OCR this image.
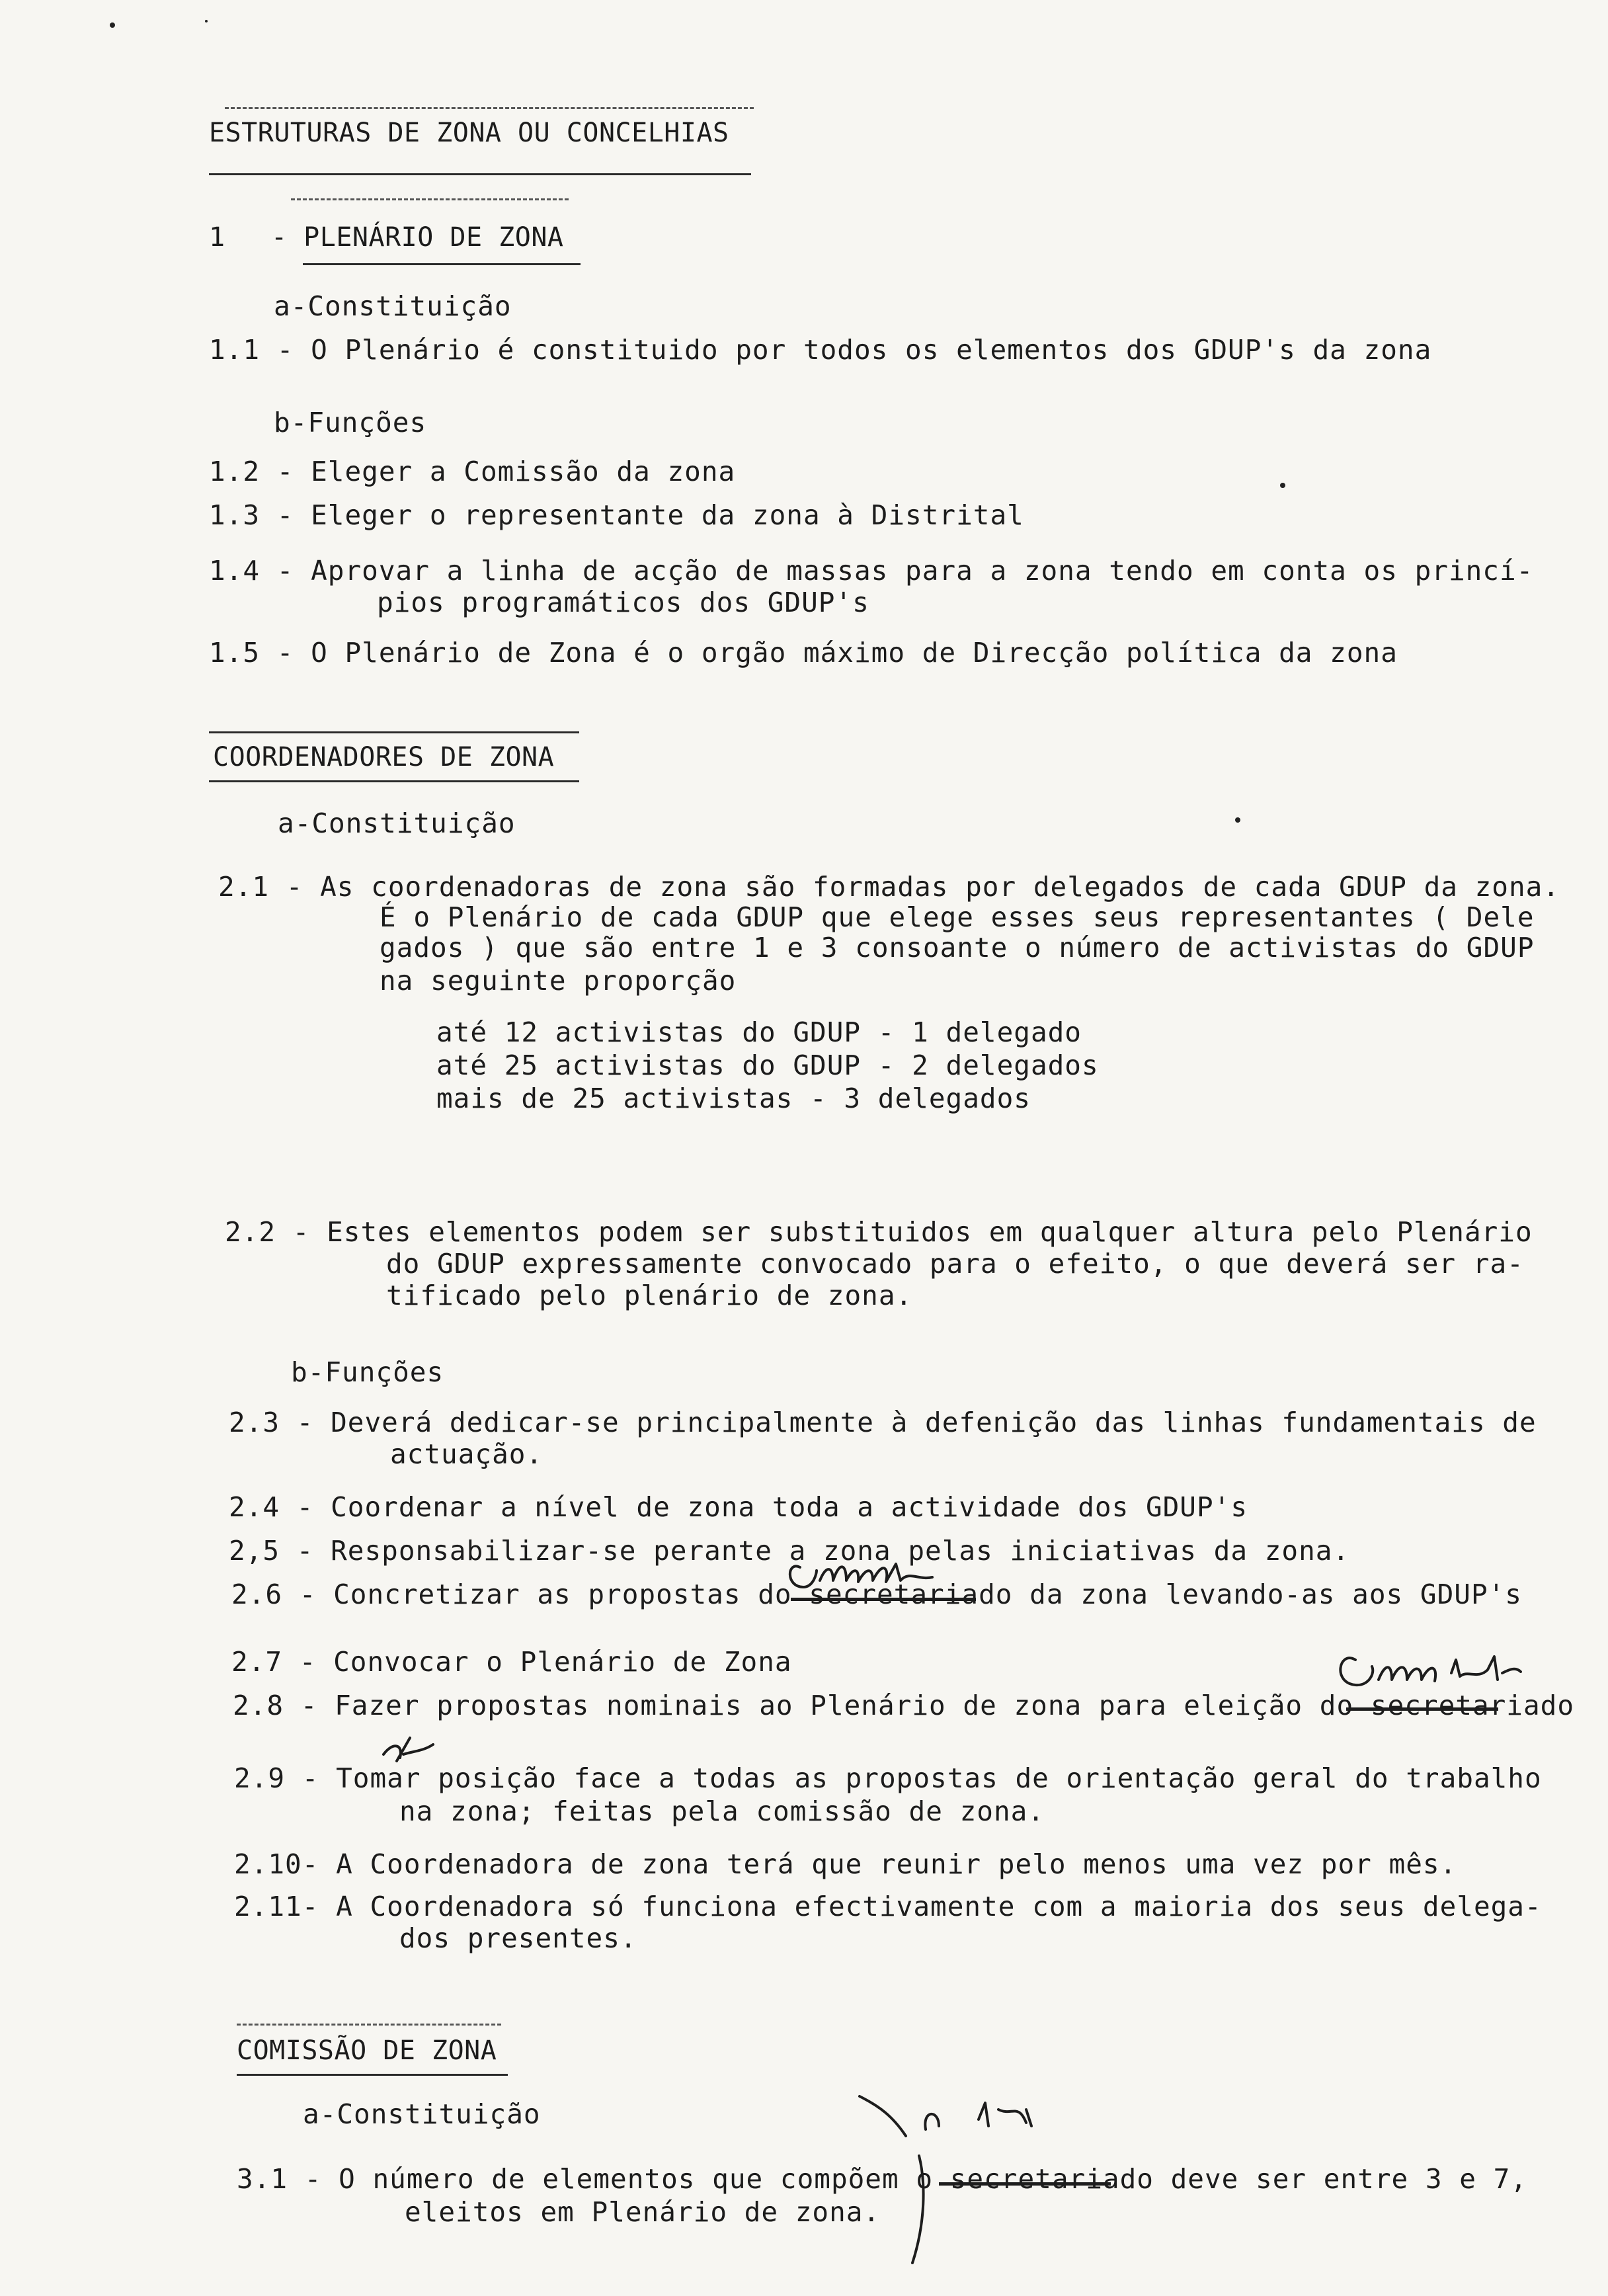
ESTRUTURAS DE ZONA OU CONCELHIAS
1 - PLENÁRIO DE ZONA
a-Constituição
1.1 - O Plenário é constituido por todos os elementos dos GDUP's da zona
b-Funções
1.2 - Eleger a Comissão da zona
1.3 - Eleger o representante da zona à Distrital
1.4 - Aprovar a linha de acção de massas para a zona tendo em conta os princí-
pios programáticos dos GDUP's
1.5 - O Plenário de Zona é o orgão máximo de Direcção política da zona
COORDENADORES DE ZONA
a-Constituição
2.1 - As coordenadoras de zona são formadas por delegados de cada GDUP da zona.
É o Plenário de cada GDUP que elege esses seus representantes ( Dele
gados ) que são entre 1 e 3 consoante o número de activistas do GDUP
na seguinte proporção
até 12 activistas do GDUP - 1 delegado
até 25 activistas do GDUP - 2 delegados
mais de 25 activistas - 3 delegados
2.2 - Estes elementos podem ser substituidos em qualquer altura pelo Plenário
do GDUP expressamente convocado para o efeito, o que deverá ser ra-
tificado pelo plenário de zona.
b-Funções
2.3 - Deverá dedicar-se principalmente à defenição das linhas fundamentais de
actuação.
2.4 - Coordenar a nível de zona toda a actividade dos GDUP's
2,5 - Responsabilizar-se perante a zona pelas iniciativas da zona.
2.6 - Concretizar as propostas do secretariado da zona levando-as aos GDUP's
2.7 - Convocar o Plenário de Zona
2.8 - Fazer propostas nominais ao Plenário de zona para eleição do secretariado
2.9 - Tomar posição face a todas as propostas de orientação geral do trabalho
na zona; feitas pela comissão de zona.
2.10- A Coordenadora de zona terá que reunir pelo menos uma vez por mês.
2.11- A Coordenadora só funciona efectivamente com a maioria dos seus delega-
dos presentes.
COMISSÃO DE ZONA
a-Constituição
3.1 - O número de elementos que compõem o secretariado deve ser entre 3 e 7,
eleitos em Plenário de zona.
